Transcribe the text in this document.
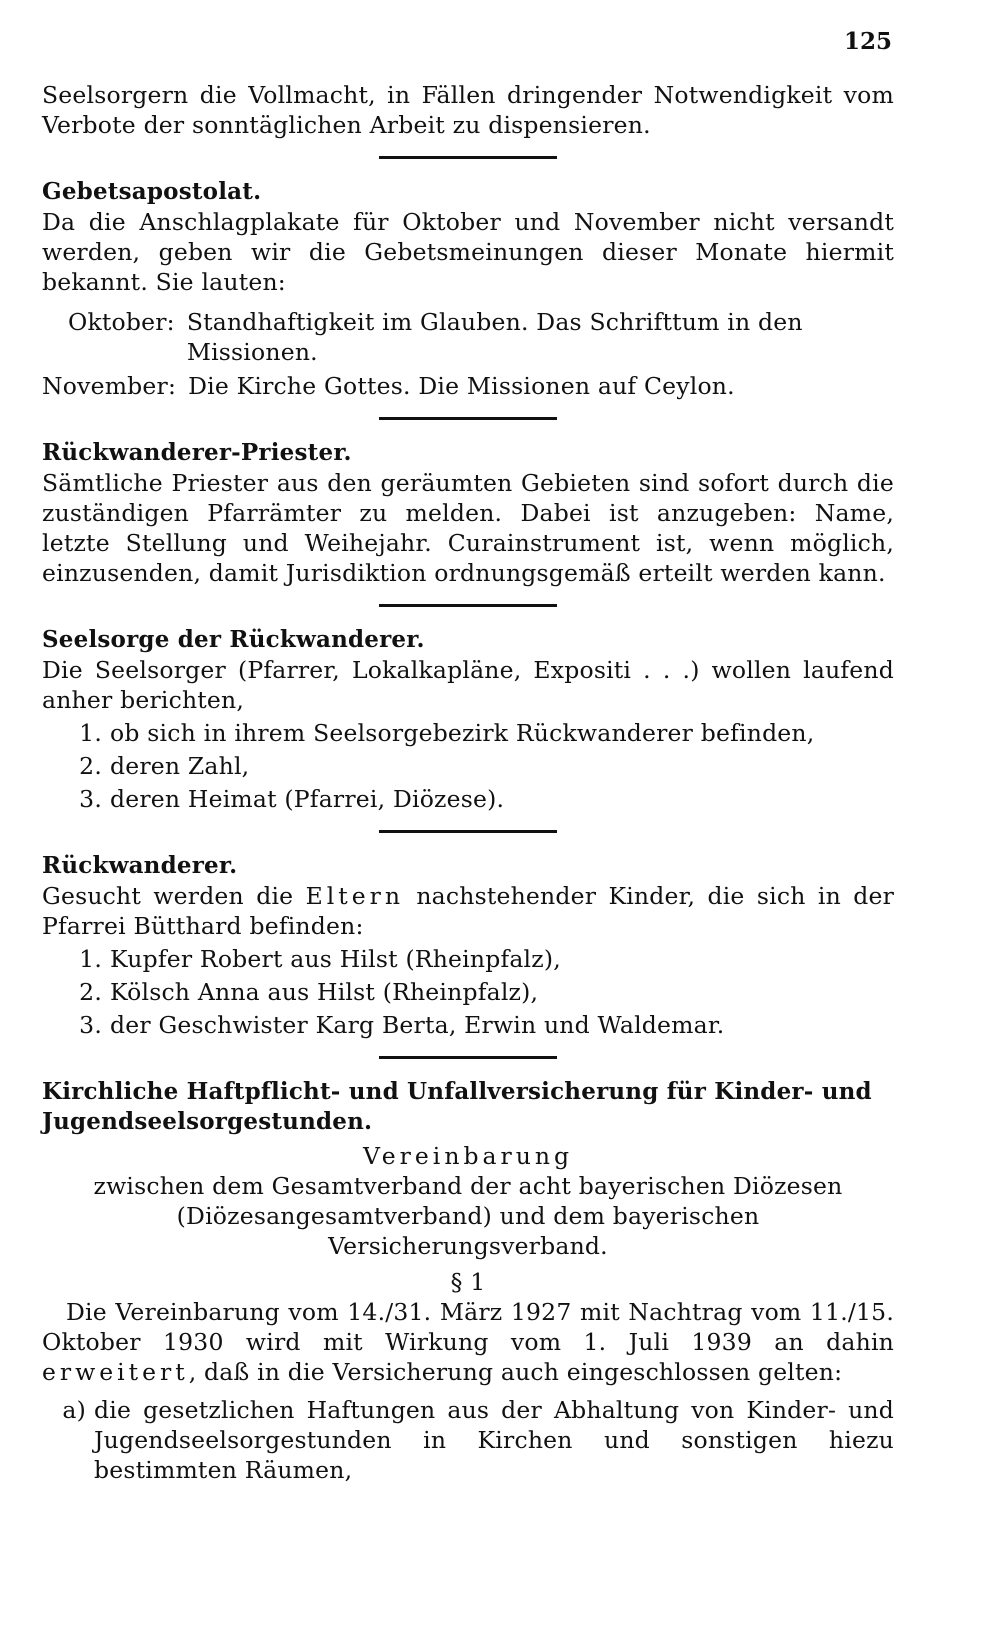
125

Seelsorgern die Vollmacht, in Fällen dringender Notwendigkeit vom Verbote der sonntäglichen Arbeit zu dispensieren.

Gebetsapostolat.

Da die Anschlagplakate für Oktober und November nicht versandt werden, geben wir die Gebetsmeinungen dieser Monate hiermit bekannt. Sie lauten:

Oktober: Standhaftigkeit im Glauben. Das Schrifttum in den Missionen.
November: Die Kirche Gottes. Die Missionen auf Ceylon.
Rückwanderer-Priester.

Sämtliche Priester aus den geräumten Gebieten sind sofort durch die zuständigen Pfarrämter zu melden. Dabei ist anzugeben: Name, letzte Stellung und Weihejahr. Curainstrument ist, wenn möglich, einzusenden, damit Jurisdiktion ordnungsgemäß erteilt werden kann.

Seelsorge der Rückwanderer.

Die Seelsorger (Pfarrer, Lokalkapläne, Expositi . . .) wollen laufend anher berichten,

1. ob sich in ihrem Seelsorgebezirk Rückwanderer befinden,
2. deren Zahl,
3. deren Heimat (Pfarrei, Diözese).
Rückwanderer.

Gesucht werden die Eltern nachstehender Kinder, die sich in der Pfarrei Bütthard befinden:

1. Kupfer Robert aus Hilst (Rheinpfalz),
2. Kölsch Anna aus Hilst (Rheinpfalz),
3. der Geschwister Karg Berta, Erwin und Waldemar.
Kirchliche Haftpflicht- und Unfallversicherung für Kinder- und Jugendseelsorgestunden.
Vereinbarung

zwischen dem Gesamtverband der acht bayerischen Diözesen (Diözesangesamtverband) und dem bayerischen Versicherungsverband.

§ 1

Die Vereinbarung vom 14./31. März 1927 mit Nachtrag vom 11./15. Oktober 1930 wird mit Wirkung vom 1. Juli 1939 an dahin erweitert, daß in die Versicherung auch eingeschlossen gelten:

a) die gesetzlichen Haftungen aus der Abhaltung von Kinder- und Jugendseelsorgestunden in Kirchen und sonstigen hiezu bestimmten Räumen,
